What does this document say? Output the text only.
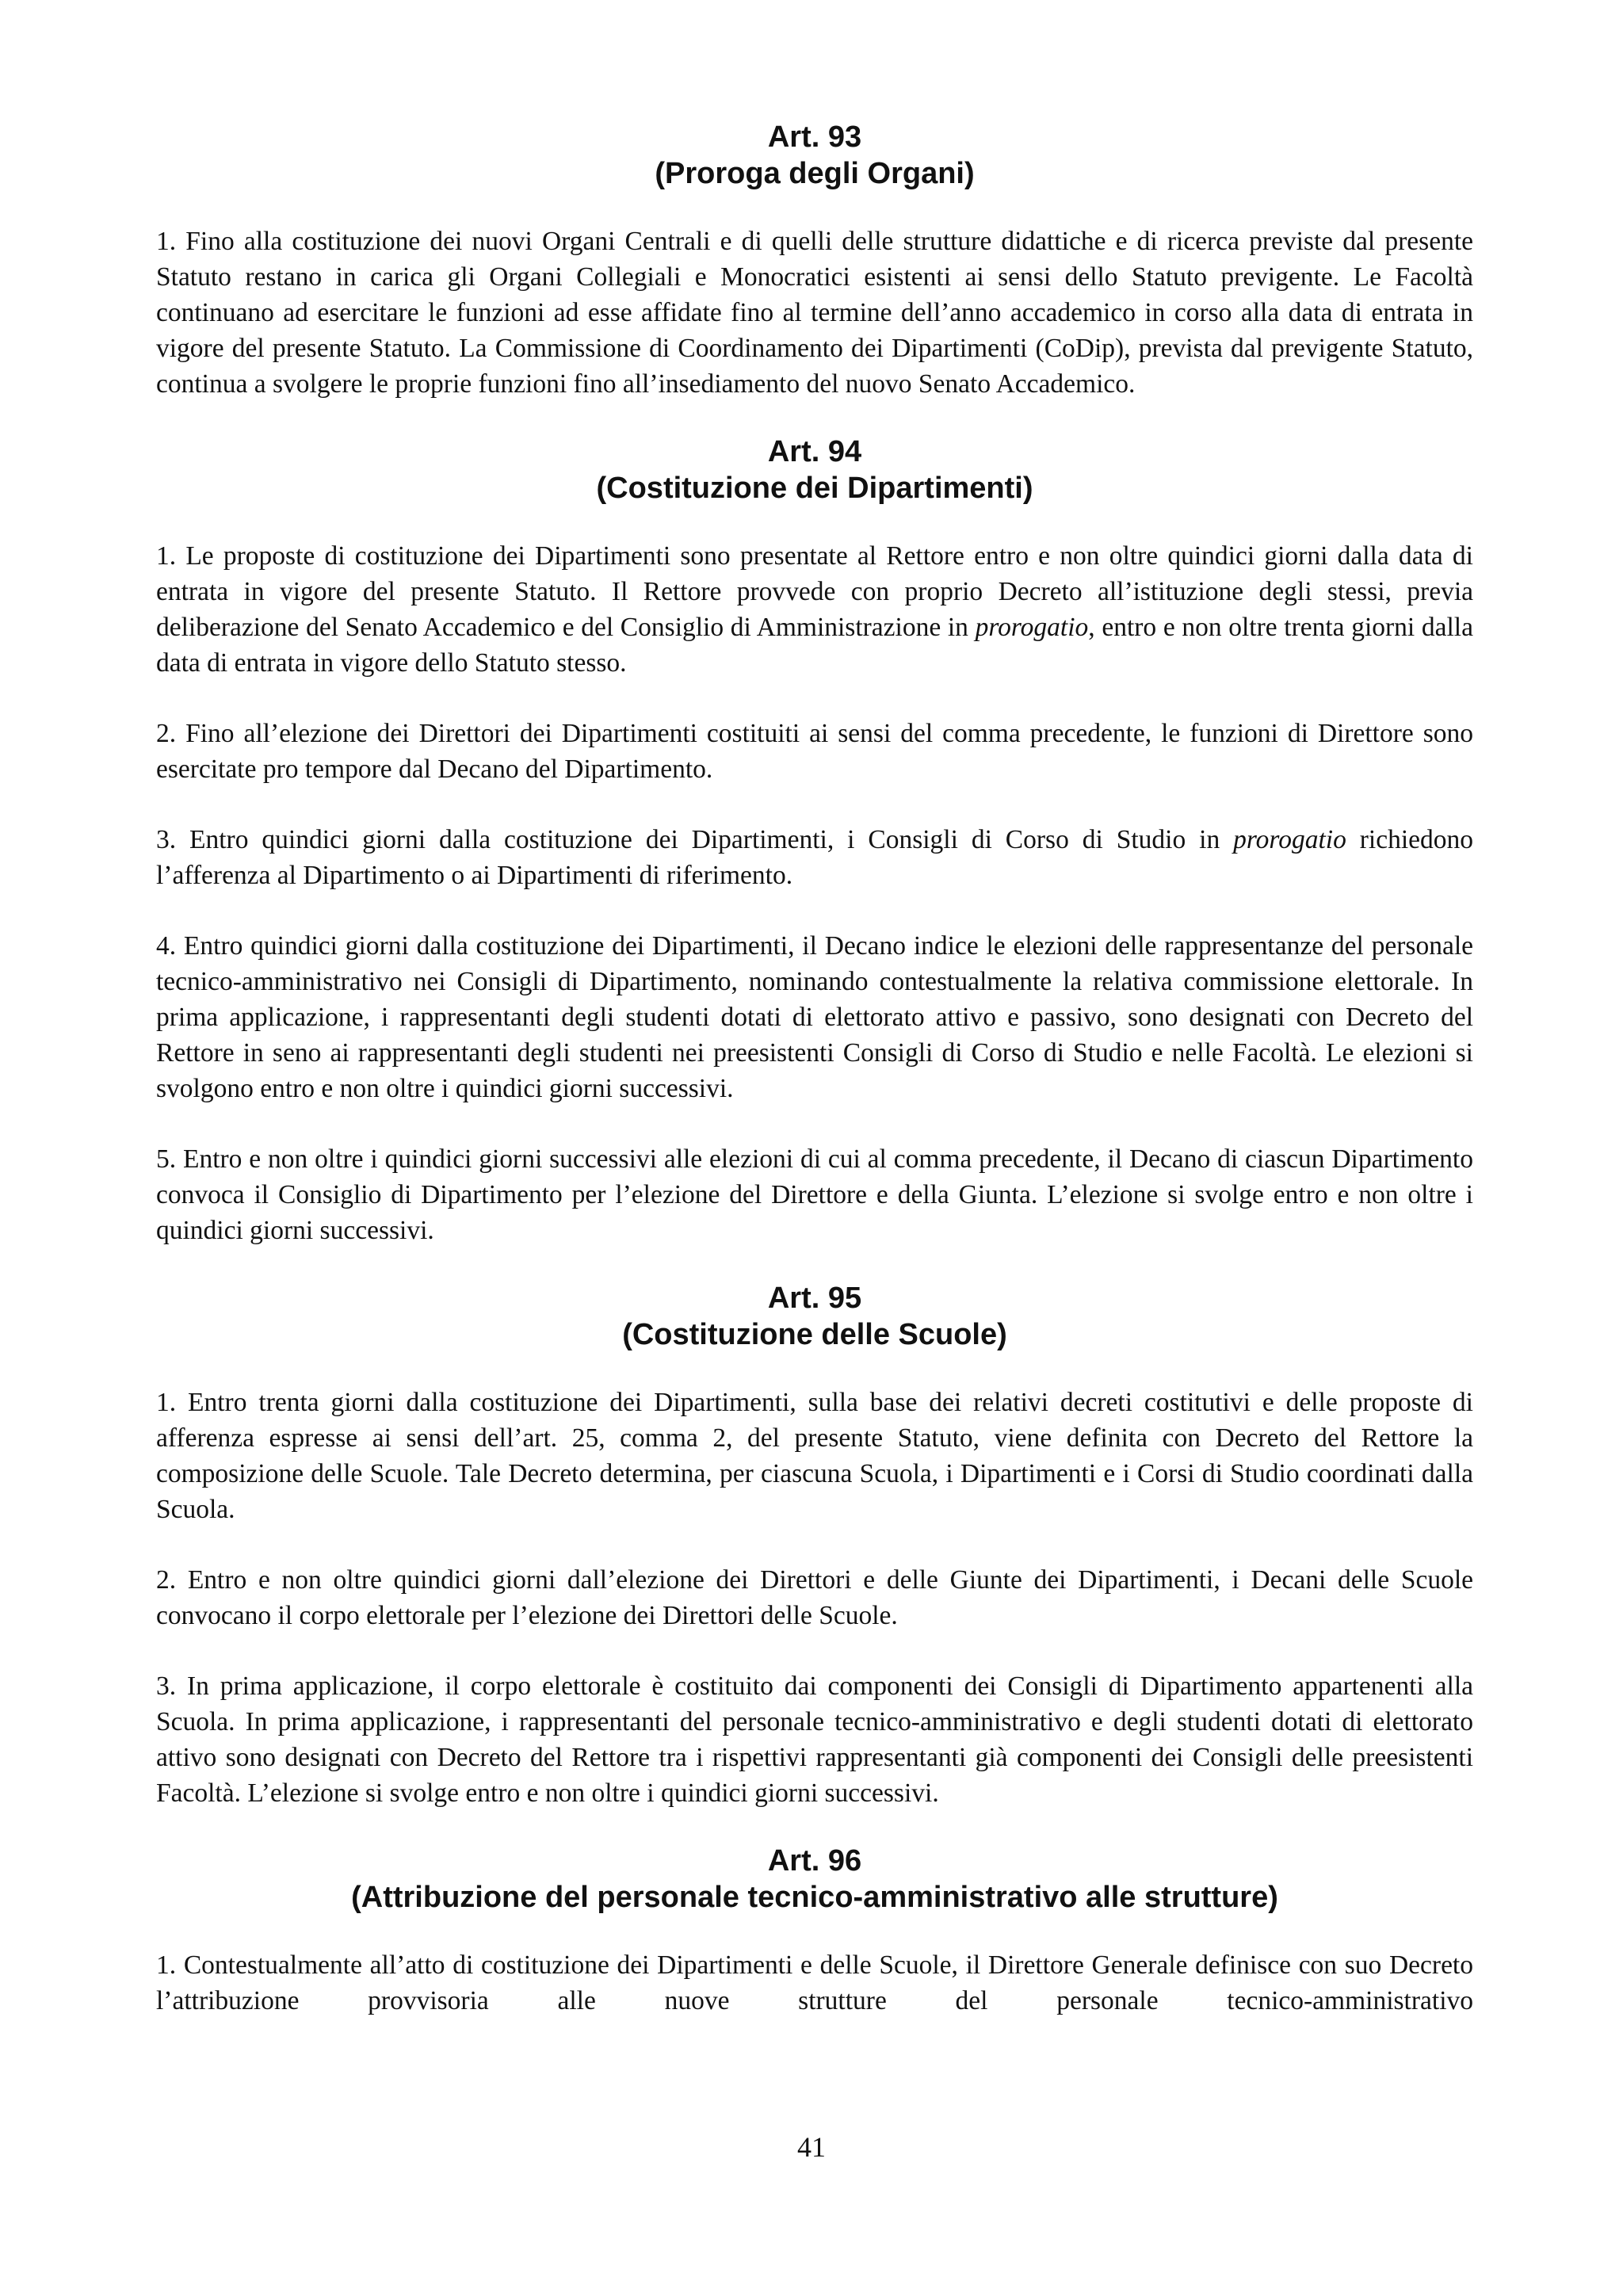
Art. 93
(Proroga degli Organi)

1. Fino alla costituzione dei nuovi Organi Centrali e di quelli delle strutture didattiche e di ricerca previste dal presente Statuto restano in carica gli Organi Collegiali e Monocratici esistenti ai sensi dello Statuto previgente. Le Facoltà continuano ad esercitare le funzioni ad esse affidate fino al termine dell’anno accademico in corso alla data di entrata in vigore del presente Statuto. La Commissione di Coordinamento dei Dipartimenti (CoDip), prevista dal previgente Statuto, continua a svolgere le proprie funzioni fino all’insediamento del nuovo Senato Accademico.

Art. 94
(Costituzione dei Dipartimenti)

1. Le proposte di costituzione dei Dipartimenti sono presentate al Rettore entro e non oltre quindici giorni dalla data di entrata in vigore del presente Statuto. Il Rettore provvede con proprio Decreto all’istituzione degli stessi, previa deliberazione del Senato Accademico e del Consiglio di Amministrazione in prorogatio, entro e non oltre trenta giorni dalla data di entrata in vigore dello Statuto stesso.

2. Fino all’elezione dei Direttori dei Dipartimenti costituiti ai sensi del comma precedente, le funzioni di Direttore sono esercitate pro tempore dal Decano del Dipartimento.

3. Entro quindici giorni dalla costituzione dei Dipartimenti, i Consigli di Corso di Studio in prorogatio richiedono l’afferenza al Dipartimento o ai Dipartimenti di riferimento.

4. Entro quindici giorni dalla costituzione dei Dipartimenti, il Decano indice le elezioni delle rappresentanze del personale tecnico-amministrativo nei Consigli di Dipartimento, nominando contestualmente la relativa commissione elettorale. In prima applicazione, i rappresentanti degli studenti dotati di elettorato attivo e passivo, sono designati con Decreto del Rettore in seno ai rappresentanti degli studenti nei preesistenti Consigli di Corso di Studio e nelle Facoltà. Le elezioni si svolgono entro e non oltre i quindici giorni successivi.

5. Entro e non oltre i quindici giorni successivi alle elezioni di cui al comma precedente, il Decano di ciascun Dipartimento convoca il Consiglio di Dipartimento per l’elezione del Direttore e della Giunta. L’elezione si svolge entro e non oltre i quindici giorni successivi.

Art. 95
(Costituzione delle Scuole)

1. Entro trenta giorni dalla costituzione dei Dipartimenti, sulla base dei relativi decreti costitutivi e delle proposte di afferenza espresse ai sensi dell’art. 25, comma 2, del presente Statuto, viene definita con Decreto del Rettore la composizione delle Scuole. Tale Decreto determina, per ciascuna Scuola, i Dipartimenti e i Corsi di Studio coordinati dalla Scuola.

2. Entro e non oltre quindici giorni dall’elezione dei Direttori e delle Giunte dei Dipartimenti, i Decani delle Scuole convocano il corpo elettorale per l’elezione dei Direttori delle Scuole.

3. In prima applicazione, il corpo elettorale è costituito dai componenti dei Consigli di Dipartimento appartenenti alla Scuola. In prima applicazione, i rappresentanti del personale tecnico-amministrativo e degli studenti dotati di elettorato attivo sono designati con Decreto del Rettore tra i rispettivi rappresentanti già componenti dei Consigli delle preesistenti Facoltà. L’elezione si svolge entro e non oltre i quindici giorni successivi.

Art. 96
(Attribuzione del personale tecnico-amministrativo alle strutture)

1. Contestualmente all’atto di costituzione dei Dipartimenti e delle Scuole, il Direttore Generale definisce con suo Decreto l’attribuzione provvisoria alle nuove strutture del personale tecnico-amministrativo

41
